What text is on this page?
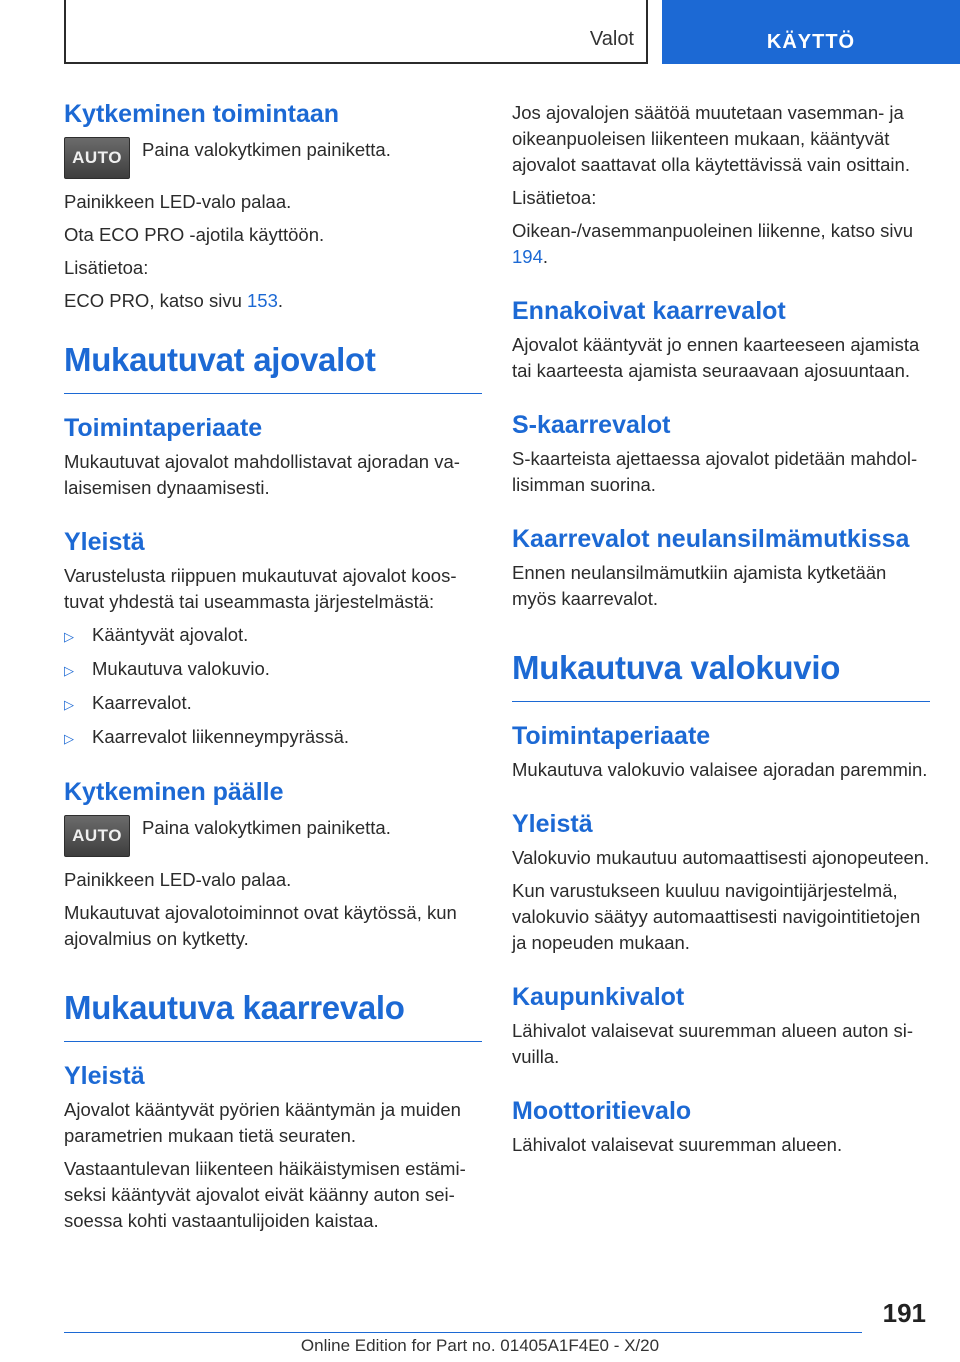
Valot	KÄYTTÖ
Kytkeminen toimintaan
AUTO	Paina valokytkimen painiketta.

Painikkeen LED-valo palaa.

Ota ECO PRO -ajotila käyttöön.

Lisätietoa:

ECO PRO, katso sivu 153.

Mukautuvat ajovalot
Toimintaperiaate

Mukautuvat ajovalot mahdollistavat ajoradan valaisemisen dynaamisesti.

Yleistä

Varustelusta riippuen mukautuvat ajovalot koostuvat yhdestä tai useammasta järjestelmästä:

▷ Kääntyvät ajovalot.
▷ Mukautuva valokuvio.
▷ Kaarrevalot.
▷ Kaarrevalot liikenneympyrässä.
Kytkeminen päälle
AUTO	Paina valokytkimen painiketta.

Painikkeen LED-valo palaa.

Mukautuvat ajovalotoiminnot ovat käytössä, kun ajovalmius on kytketty.

Mukautuva kaarrevalo
Yleistä

Ajovalot kääntyvät pyörien kääntymän ja muiden parametrien mukaan tietä seuraten.

Vastaantulevan liikenteen häikäistymisen estämiseksi kääntyvät ajovalot eivät käänny auton seisoessa kohti vastaantulijoiden kaistaa.

Jos ajovalojen säätöä muutetaan vasemman- ja oikeanpuoleisen liikenteen mukaan, kääntyvät ajovalot saattavat olla käytettävissä vain osittain.

Lisätietoa:

Oikean-/vasemmanpuoleinen liikenne, katso sivu 194.

Ennakoivat kaarrevalot

Ajovalot kääntyvät jo ennen kaarteeseen ajamista tai kaarteesta ajamista seuraavaan ajosuuntaan.

S-kaarrevalot

S-kaarteista ajettaessa ajovalot pidetään mahdollisimman suorina.

Kaarrevalot neulansilmämutkissa

Ennen neulansilmämutkiin ajamista kytketään myös kaarrevalot.

Mukautuva valokuvio
Toimintaperiaate

Mukautuva valokuvio valaisee ajoradan paremmin.

Yleistä

Valokuvio mukautuu automaattisesti ajonopeuteen.

Kun varustukseen kuuluu navigointijärjestelmä, valokuvio säätyy automaattisesti navigointitietojen ja nopeuden mukaan.

Kaupunkivalot

Lähivalot valaisevat suuremman alueen auton sivuilla.

Moottoritievalo

Lähivalot valaisevat suuremman alueen.

191
Online Edition for Part no. 01405A1F4E0 - X/20
